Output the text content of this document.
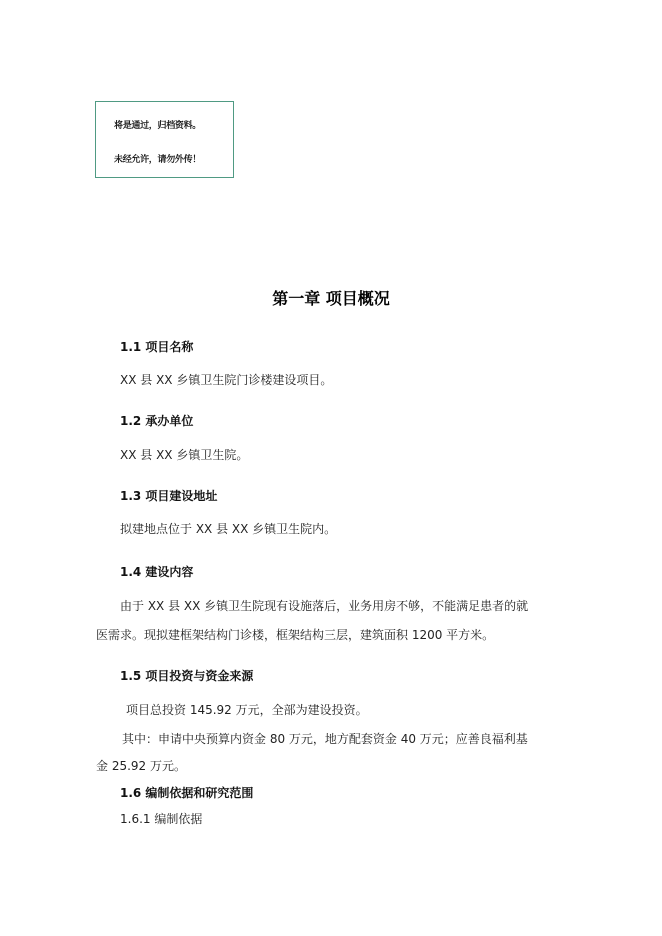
将是通过，归档资料。
未经允许，请勿外传！
第一章 项目概况
1.1 项目名称
XX 县 XX 乡镇卫生院门诊楼建设项目。
1.2 承办单位
XX 县 XX 乡镇卫生院。
1.3 项目建设地址
拟建地点位于 XX 县 XX 乡镇卫生院内。
1.4 建设内容
由于 XX 县 XX 乡镇卫生院现有设施落后，业务用房不够，不能满足患者的就
医需求。现拟建框架结构门诊楼，框架结构三层，建筑面积 1200 平方米。
1.5 项目投资与资金来源
项目总投资 145.92 万元，全部为建设投资。
其中：申请中央预算内资金 80 万元，地方配套资金 40 万元；应善良福利基
金 25.92 万元。
1.6 编制依据和研究范围
1.6.1 编制依据
